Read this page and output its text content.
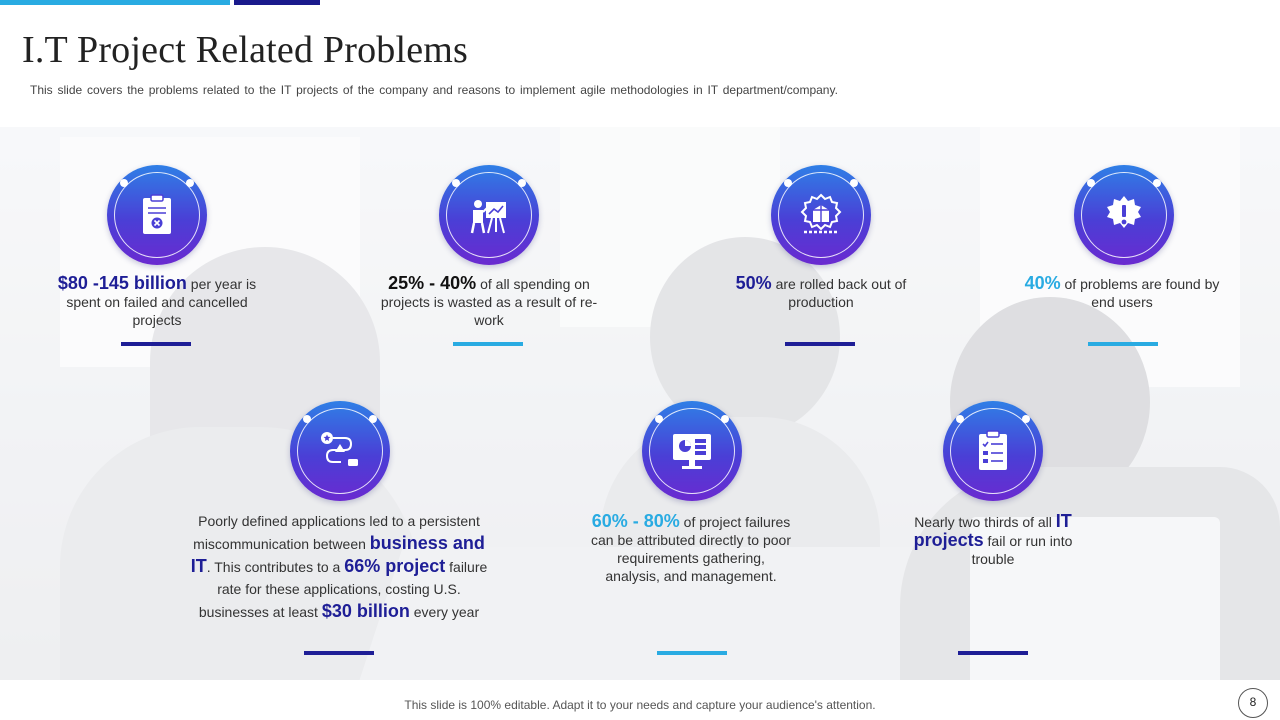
I.T Project Related Problems
This slide covers the problems related to the IT projects of the company and reasons to implement agile methodologies in IT department/company.
$80 -145 billion per year is spent on failed and cancelled projects
25% - 40% of all spending on projects is wasted as a result of re-work
50% are rolled back out of production
40% of problems are found by end users
Poorly defined applications led to a persistent miscommunication between business and IT. This contributes to a 66% project failure rate for these applications, costing U.S. businesses at least $30 billion every year
60% - 80% of project failures can be attributed directly to poor requirements gathering, analysis, and management.
Nearly two thirds of all IT projects fail or run into trouble
This slide is 100% editable. Adapt it to your needs and capture your audience's attention.	8
